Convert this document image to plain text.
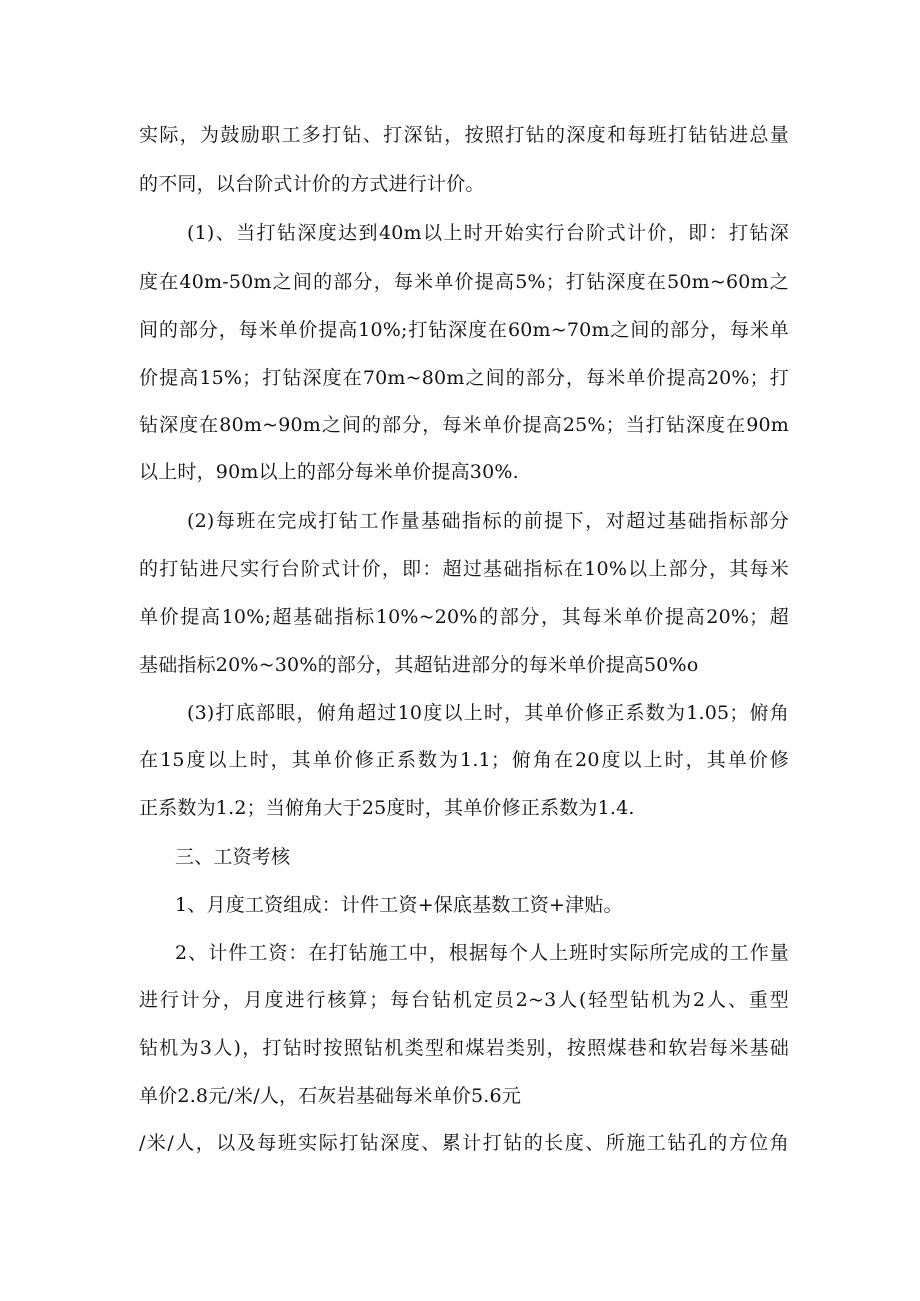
实际，为鼓励职工多打钻、打深钻，按照打钻的深度和每班打钻钻进总量
的不同，以台阶式计价的方式进行计价。
(1)、当打钻深度达到40m以上时开始实行台阶式计价，即：打钻深
度在40m-50m之间的部分，每米单价提高5%；打钻深度在50m~60m之
间的部分，每米单价提高10%;打钻深度在60m~70m之间的部分，每米单
价提高15%；打钻深度在70m~80m之间的部分，每米单价提高20%；打
钻深度在80m~90m之间的部分，每米单价提高25%；当打钻深度在90m
以上时，90m以上的部分每米单价提高30%.
(2)每班在完成打钻工作量基础指标的前提下，对超过基础指标部分
的打钻进尺实行台阶式计价，即：超过基础指标在10%以上部分，其每米
单价提高10%;超基础指标10%~20%的部分，其每米单价提高20%；超
基础指标20%~30%的部分，其超钻进部分的每米单价提高50%o
(3)打底部眼，俯角超过10度以上时，其单价修正系数为1.05；俯角
在15度以上时，其单价修正系数为1.1；俯角在20度以上时，其单价修
正系数为1.2；当俯角大于25度时，其单价修正系数为1.4.
三、工资考核
1、月度工资组成：计件工资+保底基数工资+津贴。
2、计件工资：在打钻施工中，根据每个人上班时实际所完成的工作量
进行计分，月度进行核算；每台钻机定员2~3人(轻型钻机为2人、重型
钻机为3人)，打钻时按照钻机类型和煤岩类别，按照煤巷和软岩每米基础
单价2.8元/米/人，石灰岩基础每米单价5.6元
/米/人，以及每班实际打钻深度、累计打钻的长度、所施工钻孔的方位角
